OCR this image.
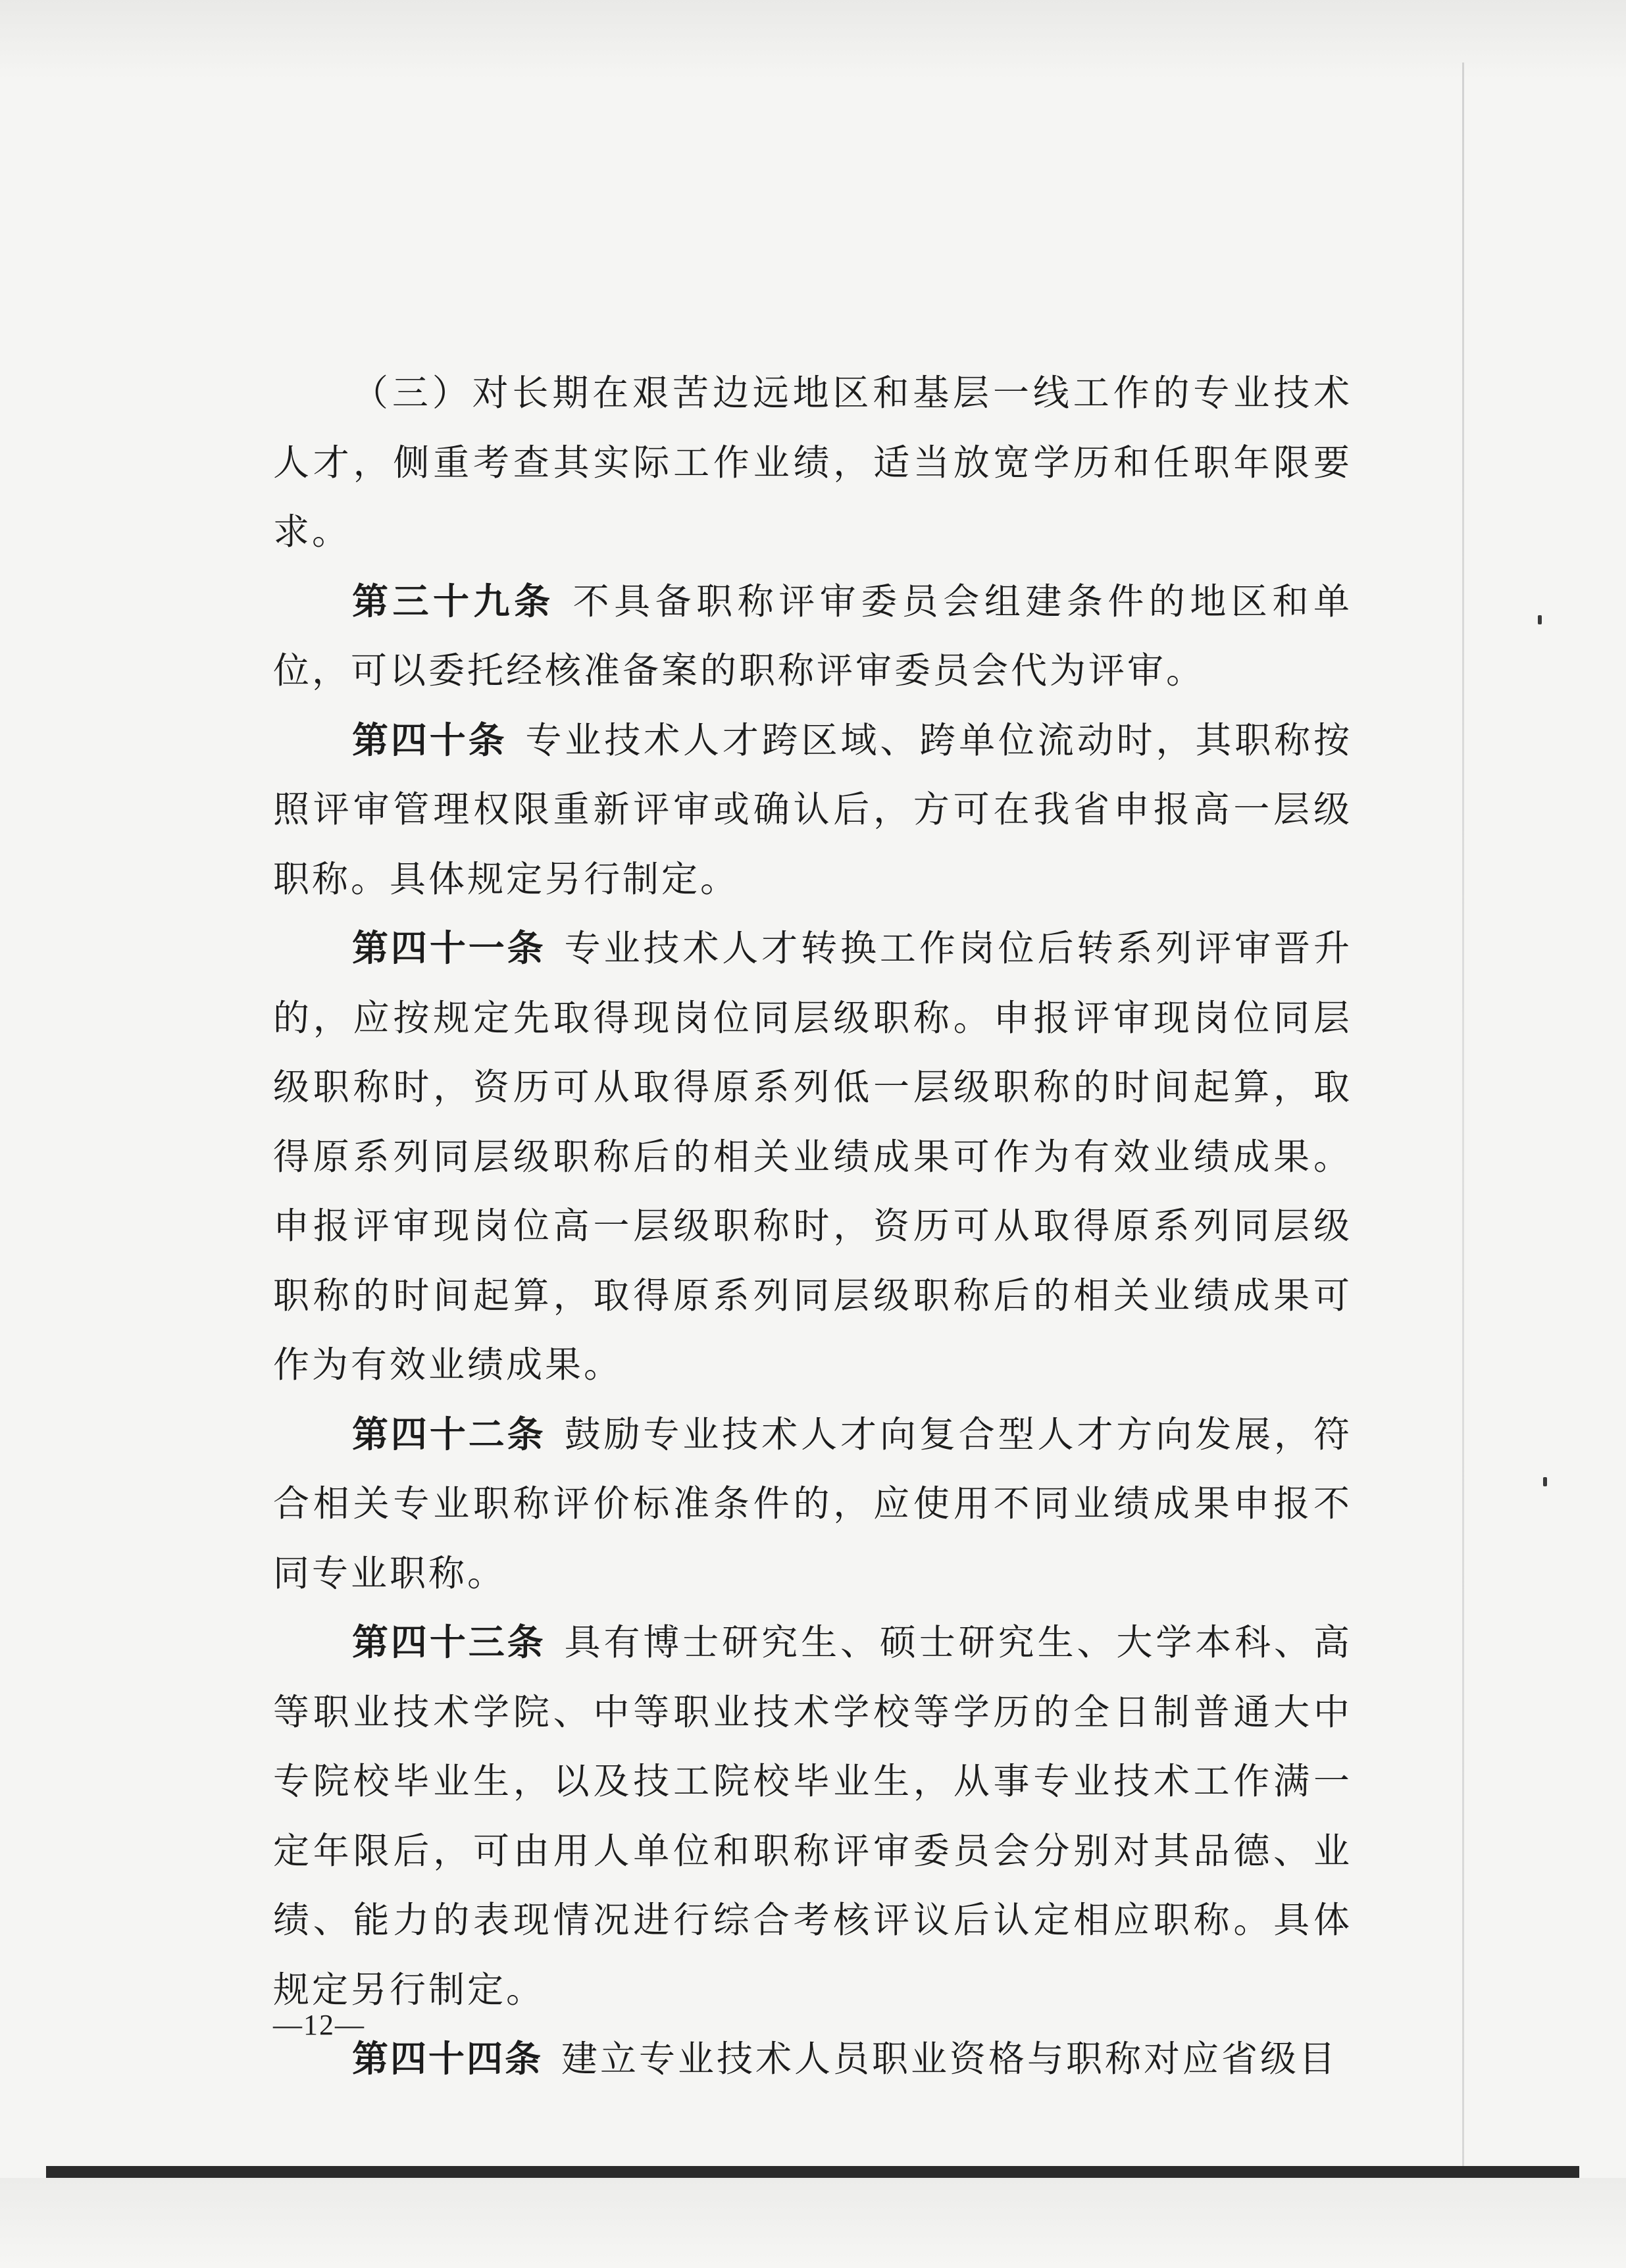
（三）对长期在艰苦边远地区和基层一线工作的专业技术人才，侧重考查其实际工作业绩，适当放宽学历和任职年限要求。

第三十九条 不具备职称评审委员会组建条件的地区和单位，可以委托经核准备案的职称评审委员会代为评审。

第四十条 专业技术人才跨区域、跨单位流动时，其职称按照评审管理权限重新评审或确认后，方可在我省申报高一层级职称。具体规定另行制定。

第四十一条 专业技术人才转换工作岗位后转系列评审晋升的，应按规定先取得现岗位同层级职称。申报评审现岗位同层级职称时，资历可从取得原系列低一层级职称的时间起算，取得原系列同层级职称后的相关业绩成果可作为有效业绩成果。申报评审现岗位高一层级职称时，资历可从取得原系列同层级职称的时间起算，取得原系列同层级职称后的相关业绩成果可作为有效业绩成果。

第四十二条 鼓励专业技术人才向复合型人才方向发展，符合相关专业职称评价标准条件的，应使用不同业绩成果申报不同专业职称。

第四十三条 具有博士研究生、硕士研究生、大学本科、高等职业技术学院、中等职业技术学校等学历的全日制普通大中专院校毕业生，以及技工院校毕业生，从事专业技术工作满一定年限后，可由用人单位和职称评审委员会分别对其品德、业绩、能力的表现情况进行综合考核评议后认定相应职称。具体规定另行制定。

第四十四条 建立专业技术人员职业资格与职称对应省级目

—12—
